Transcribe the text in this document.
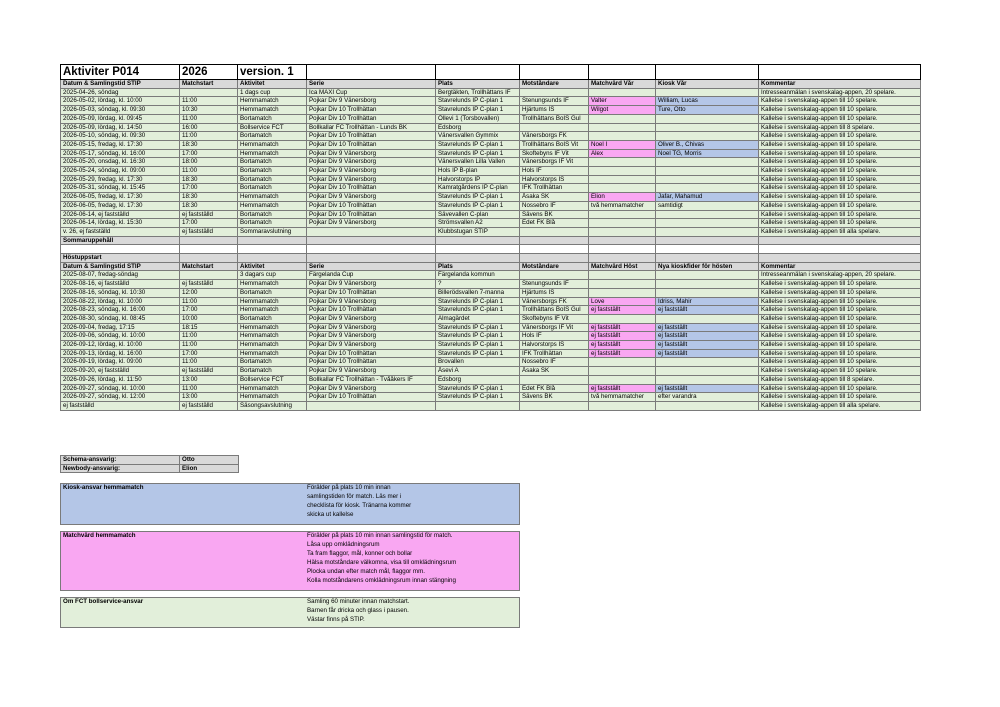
Aktiviter P014	2026	version. 1						
Datum & Samlingstid STIP	Matchstart	Aktivitet	Serie	Plats	Motståndare	Matchvärd Vår	Kiosk Vår	Kommentar
2025-04-26, söndag		1 dags cup	Ica MAXI Cup	Bergtäkten, Trollhättans IF				Intresseanmälan i svenskalag-appen, 20 spelare.
2026-05-02, lördag, kl. 10:00	11:00	Hemmamatch	Pojkar Div 9 Vänersborg	Stavrelunds IP C-plan 1	Stenungsunds IF	Valter	William, Lucas	Kallelse i svenskalag-appen till 10 spelare.
2026-05-03, söndag, kl. 09:30	10:30	Hemmamatch	Pojkar Div 10 Trollhättan	Stavrelunds IP C-plan 1	Hjärtums IS	Wilgot	Ture, Otto	Kallelse i svenskalag-appen till 10 spelare.
2026-05-09, lördag, kl. 09:45	11:00	Bortamatch	Pojkar Div 10 Trollhättan	Öllevi 1 (Torsbovallen)	Trollhättans BoIS Gul			Kallelse i svenskalag-appen till 10 spelare.
2026-05-09, lördag, kl. 14:50	16:00	Bollservice FCT	Bollkallar FC Trollhättan - Lunds BK	Edsborg				Kallelse i svenskalag-appen till 8 spelare.
2026-05-10, söndag, kl. 09:30	11:00	Bortamatch	Pojkar Div 10 Trollhättan	Vänersvallen Gymmix	Vänersborgs FK			Kallelse i svenskalag-appen till 10 spelare.
2026-05-15, fredag, kl. 17:30	18:30	Hemmamatch	Pojkar Div 10 Trollhättan	Stavrelunds IP C-plan 1	Trollhättans BoIS Vit	Noel I	Oliver B., Chivas	Kallelse i svenskalag-appen till 10 spelare.
2026-05-17, söndag, kl. 16:00	17:00	Hemmamatch	Pojkar Div 9 Vänersborg	Stavrelunds IP C-plan 1	Skoftebyns IF Vit	Alex	Noel TG, Morris	Kallelse i svenskalag-appen till 10 spelare.
2026-05-20, onsdag, kl. 16:30	18:00	Bortamatch	Pojkar Div 9 Vänersborg	Vänersvallen Lilla Vallen	Vänersborgs IF Vit			Kallelse i svenskalag-appen till 10 spelare.
2026-05-24, söndag, kl. 09:00	11:00	Bortamatch	Pojkar Div 9 Vänersborg	Hols IP B-plan	Hols IF			Kallelse i svenskalag-appen till 10 spelare.
2026-05-29, fredag, kl. 17:30	18:30	Bortamatch	Pojkar Div 9 Vänersborg	Halvorstorps IP	Halvorstorps IS			Kallelse i svenskalag-appen till 10 spelare.
2026-05-31, söndag, kl. 15:45	17:00	Bortamatch	Pojkar Div 10 Trollhättan	Kamratgårdens IP C-plan	IFK Trollhättan			Kallelse i svenskalag-appen till 10 spelare.
2026-06-05, fredag, kl. 17:30	18:30	Hemmamatch	Pojkar Div 9 Vänersborg	Stavrelunds IP C-plan 1	Åsaka SK	Elion	Jafar, Mahamud	Kallelse i svenskalag-appen till 10 spelare.
2026-06-05, fredag, kl. 17:30	18:30	Hemmamatch	Pojkar Div 10 Trollhättan	Stavrelunds IP C-plan 1	Nossebro IF	två hemmamatcher	samtidigt	Kallelse i svenskalag-appen till 10 spelare.
2026-06-14, ej fastställd	ej fastställd	Bortamatch	Pojkar Div 10 Trollhättan	Sävevallen C-plan	Sävens BK			Kallelse i svenskalag-appen till 10 spelare.
2026-06-14, lördag, kl. 15:30	17:00	Bortamatch	Pojkar Div 9 Vänersborg	Strömsvallen A2	Edet FK Blå			Kallelse i svenskalag-appen till 10 spelare.
v. 26, ej fastställd	ej fastställd	Sommaravslutning		Klubbstugan STIP				Kallelse i svenskalag-appen till alla spelare.
Sommaruppehåll								

Höstuppstart								
Datum & Samlingstid STIP	Matchstart	Aktivitet	Serie	Plats	Motståndare	Matchvärd Höst	Nya kioskfider för hösten	Kommentar
2025-08-07, fredag-söndag		3 dagars cup	Färgelanda Cup	Färgelanda kommun				Intresseanmälan i svenskalag-appen, 20 spelare.
2026-08-16, ej fastställd	ej fastställd	Hemmamatch	Pojkar Div 9 Vänersborg	?	Stenungsunds IF			Kallelse i svenskalag-appen till 10 spelare.
2026-08-16, söndag, kl. 10:30	12:00	Bortamatch	Pojkar Div 10 Trollhättan	Billerödsvallen 7-manna	Hjärtums IS			Kallelse i svenskalag-appen till 10 spelare.
2026-08-22, lördag, kl. 10:00	11:00	Hemmamatch	Pojkar Div 9 Vänersborg	Stavrelunds IP C-plan 1	Vänersborgs FK	Love	Idriss, Mahir	Kallelse i svenskalag-appen till 10 spelare.
2026-08-23, söndag, kl. 16:00	17:00	Hemmamatch	Pojkar Div 10 Trollhättan	Stavrelunds IP C-plan 1	Trollhättans BoIS Gul	ej fastställt	ej fastställt	Kallelse i svenskalag-appen till 10 spelare.
2026-08-30, söndag, kl. 08:45	10:00	Bortamatch	Pojkar Div 9 Vänersborg	Almagärdet	Skoftebyns IF Vit			Kallelse i svenskalag-appen till 10 spelare.
2026-09-04, fredag, 17:15	18:15	Hemmamatch	Pojkar Div 9 Vänersborg	Stavrelunds IP C-plan 1	Vänersborgs IF Vit	ej fastställt	ej fastställt	Kallelse i svenskalag-appen till 10 spelare.
2026-09-06, söndag, kl. 10:00	11:00	Hemmamatch	Pojkar Div 9 Vänersborg	Stavrelunds IP C-plan 1	Hols IF	ej fastställt	ej fastställt	Kallelse i svenskalag-appen till 10 spelare.
2026-09-12, lördag, kl. 10:00	11:00	Hemmamatch	Pojkar Div 9 Vänersborg	Stavrelunds IP C-plan 1	Halvorstorps IS	ej fastställt	ej fastställt	Kallelse i svenskalag-appen till 10 spelare.
2026-09-13, lördag, kl. 16:00	17:00	Hemmamatch	Pojkar Div 10 Trollhättan	Stavrelunds IP C-plan 1	IFK Trollhättan	ej fastställt	ej fastställt	Kallelse i svenskalag-appen till 10 spelare.
2026-09-19, lördag, kl. 09:00	11:00	Bortamatch	Pojkar Div 10 Trollhättan	Brovallen	Nossebro IF			Kallelse i svenskalag-appen till 10 spelare.
2026-09-20, ej fastställd	ej fastställd	Bortamatch	Pojkar Div 9 Vänersborg	Åsevi A	Åsaka SK			Kallelse i svenskalag-appen till 10 spelare.
2026-09-26, lördag, kl. 11:50	13:00	Bollservice FCT	Bollkallar FC Trollhättan - Tvååkers IF	Edsborg				Kallelse i svenskalag-appen till 8 spelare.
2026-09-27, söndag, kl. 10:00	11:00	Hemmamatch	Pojkar Div 9 Vänersborg	Stavrelunds IP C-plan 1	Edet FK Blå	ej fastställt	ej fastställt	Kallelse i svenskalag-appen till 10 spelare.
2026-09-27, söndag, kl. 12:00	13:00	Hemmamatch	Pojkar Div 10 Trollhättan	Stavrelunds IP C-plan 1	Sävens BK	två hemmamatcher	efter varandra	Kallelse i svenskalag-appen till 10 spelare.
ej fastställd	ej fastställd	Säsongsavslutning						Kallelse i svenskalag-appen till alla spelare.
Schema-ansvarig:	Otto
Newbody-ansvarig:	Elion
Kiosk-ansvar hemmamatch	Förälder på plats 10 min innan
samlingstiden för match. Läs mer i
checklista för kiosk. Tränarna kommer
skicka ut kallelse
Matchvärd hemmamatch	Förälder på plats 10 min innan samlingstid för match.
Låsa upp omklädningsrum
Ta fram flaggor, mål, konner och bollar
Hälsa motståndare välkomna, visa till omklädningsrum
Plocka undan efter match mål, flaggor mm.
Kolla motståndarens omklädningsrum innan stängning
Om FCT bollservice-ansvar	Samling 60 minuter innan matchstart.
Barnen får dricka och glass i pausen.
Västar finns på STIP.
